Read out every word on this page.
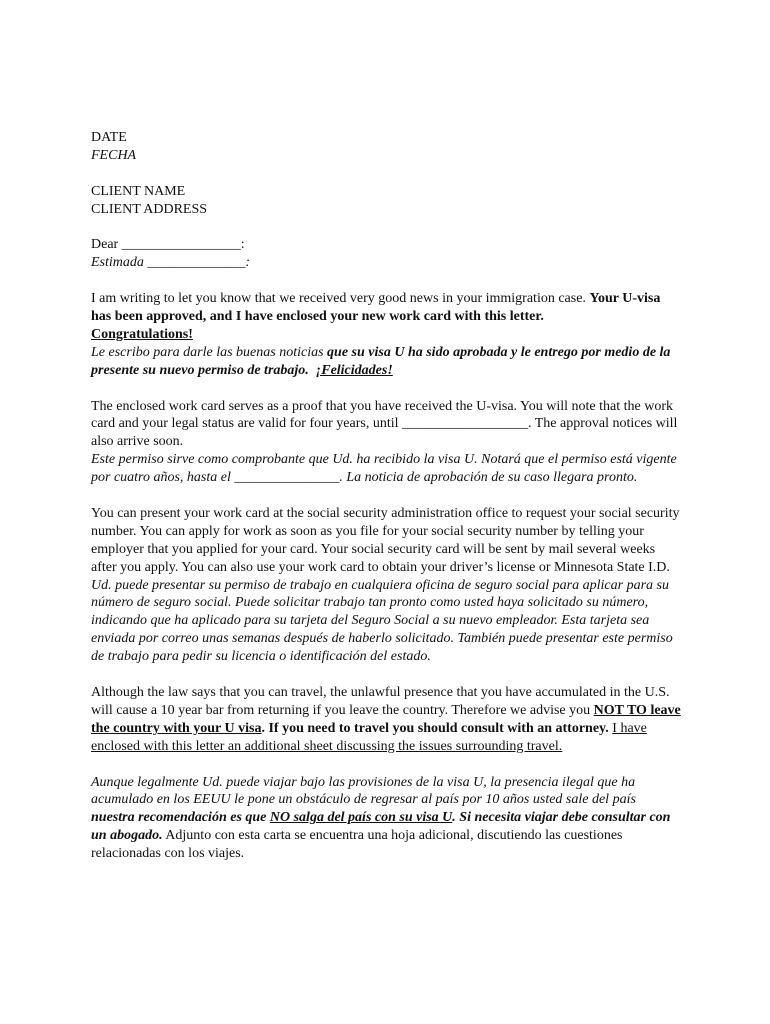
DATE

FECHA

CLIENT NAME

CLIENT ADDRESS

Dear _________________:

Estimada ______________:

I am writing to let you know that we received very good news in your immigration case. Your U-visa has been approved, and I have enclosed your new work card with this letter.
Congratulations!

Le escribo para darle las buenas noticias que su visa U ha sido aprobada y le entrego por medio de la presente su nuevo permiso de trabajo. ¡Felicidades!

The enclosed work card serves as a proof that you have received the U-visa. You will note that the work card and your legal status are valid for four years, until __________________. The approval notices will also arrive soon.

Este permiso sirve como comprobante que Ud. ha recibido la visa U. Notará que el permiso está vigente por cuatro años, hasta el _______________. La noticia de aprobación de su caso llegara pronto.

You can present your work card at the social security administration office to request your social security number. You can apply for work as soon as you file for your social security number by telling your employer that you applied for your card. Your social security card will be sent by mail several weeks after you apply. You can also use your work card to obtain your driver’s license or Minnesota State I.D.

Ud. puede presentar su permiso de trabajo en cualquiera oficina de seguro social para aplicar para su número de seguro social. Puede solicitar trabajo tan pronto como usted haya solicitado su número, indicando que ha aplicado para su tarjeta del Seguro Social a su nuevo empleador. Esta tarjeta sea enviada por correo unas semanas después de haberlo solicitado. También puede presentar este permiso de trabajo para pedir su licencia o identificación del estado.

Although the law says that you can travel, the unlawful presence that you have accumulated in the U.S. will cause a 10 year bar from returning if you leave the country. Therefore we advise you NOT TO leave the country with your U visa. If you need to travel you should consult with an attorney. I have enclosed with this letter an additional sheet discussing the issues surrounding travel.

Aunque legalmente Ud. puede viajar bajo las provisiones de la visa U, la presencia ilegal que ha acumulado en los EEUU le pone un obstáculo de regresar al país por 10 años usted sale del país nuestra recomendación es que NO salga del país con su visa U. Si necesita viajar debe consultar con un abogado. Adjunto con esta carta se encuentra una hoja adicional, discutiendo las cuestiones relacionadas con los viajes.
